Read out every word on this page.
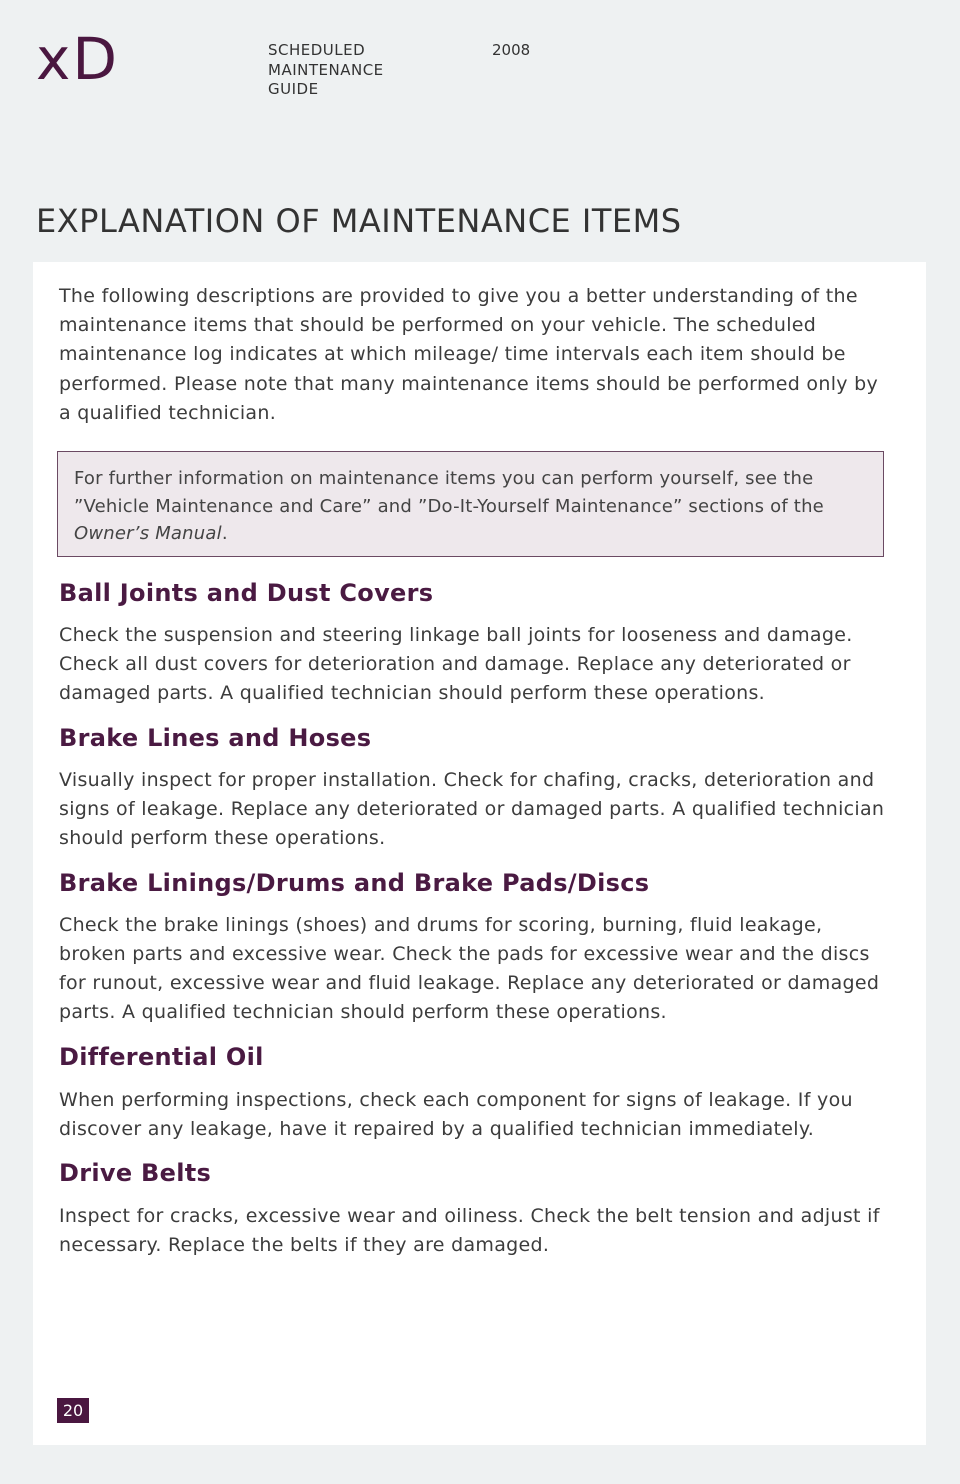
xD	SCHEDULED
MAINTENANCE
GUIDE
2008
EXPLANATION OF MAINTENANCE ITEMS
The following descriptions are provided to give you a better understanding of the maintenance items that should be performed on your vehicle. The scheduled maintenance log indicates at which mileage/ time intervals each item should be performed. Please note that many maintenance items should be performed only by a qualified technician.
For further information on maintenance items you can perform yourself, see the ”Vehicle Maintenance and Care” and ”Do-It-Yourself Maintenance” sections of the Owner’s Manual.
Ball Joints and Dust Covers
Check the suspension and steering linkage ball joints for looseness and damage. Check all dust covers for deterioration and damage. Replace any deteriorated or damaged parts. A qualified technician should perform these operations.
Brake Lines and Hoses
Visually inspect for proper installation. Check for chafing, cracks, deterioration and signs of leakage. Replace any deteriorated or damaged parts. A qualified technician should perform these operations.
Brake Linings/Drums and Brake Pads/Discs
Check the brake linings (shoes) and drums for scoring, burning, fluid leakage, broken parts and excessive wear. Check the pads for excessive wear and the discs for runout, excessive wear and fluid leakage. Replace any deteriorated or damaged parts. A qualified technician should perform these operations.
Differential Oil
When performing inspections, check each component for signs of leakage. If you discover any leakage, have it repaired by a qualified technician immediately.
Drive Belts
Inspect for cracks, excessive wear and oiliness. Check the belt tension and adjust if necessary. Replace the belts if they are damaged.
20
